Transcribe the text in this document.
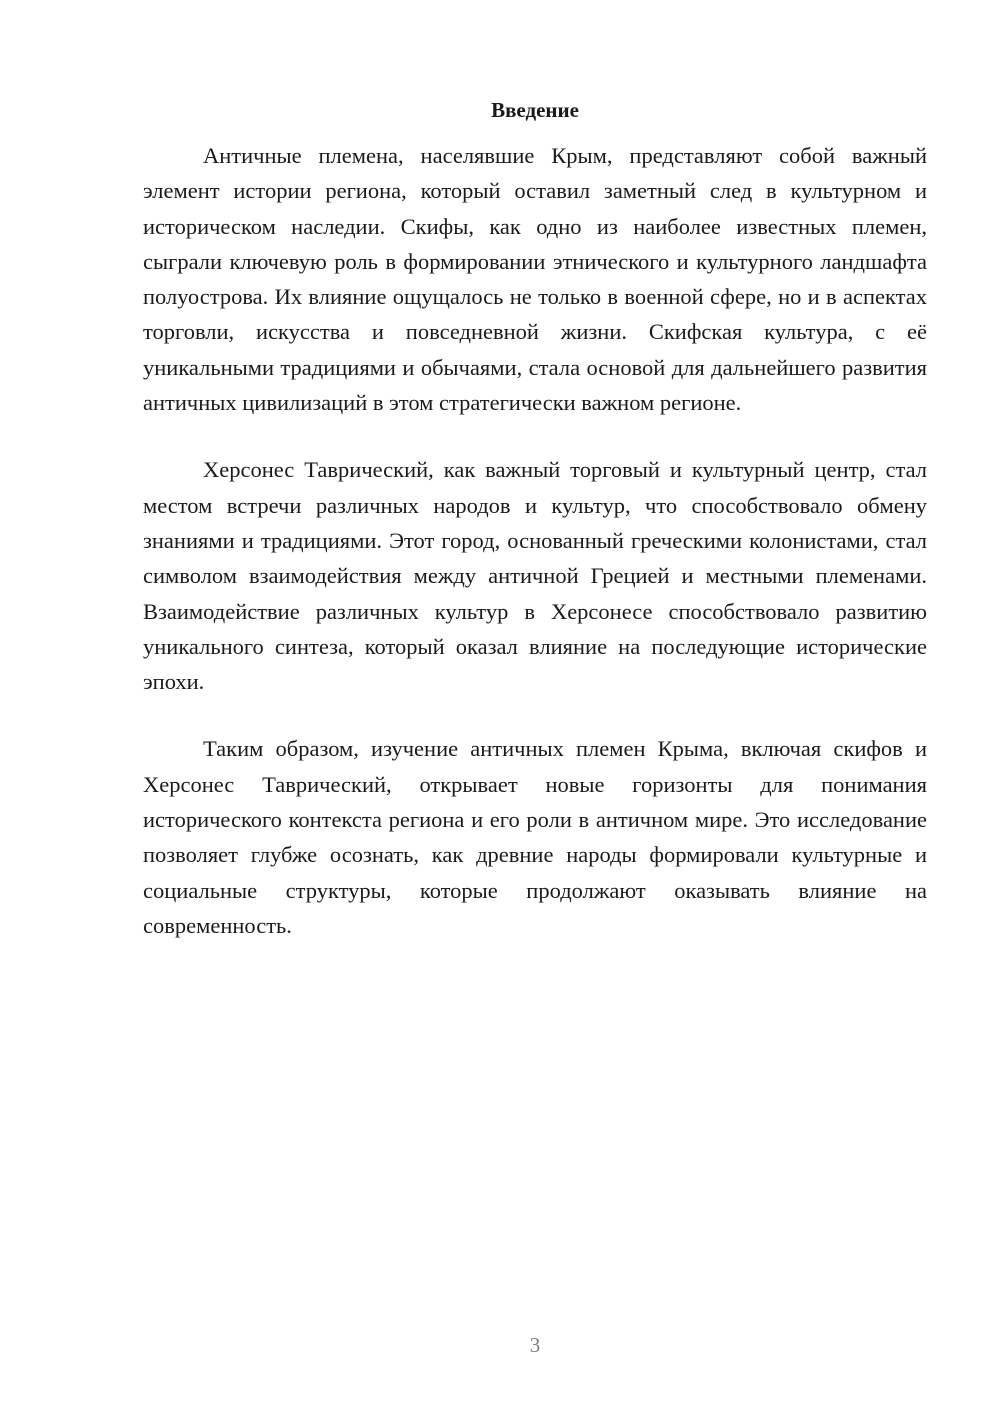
Введение

Античные племена, населявшие Крым, представляют собой важный элемент истории региона, который оставил заметный след в культурном и историческом наследии. Скифы, как одно из наиболее известных племен, сыграли ключевую роль в формировании этнического и культурного ландшафта полуострова. Их влияние ощущалось не только в военной сфере, но и в аспектах торговли, искусства и повседневной жизни. Скифская культура, с её уникальными традициями и обычаями, стала основой для дальнейшего развития античных цивилизаций в этом стратегически важном регионе.

Херсонес Таврический, как важный торговый и культурный центр, стал местом встречи различных народов и культур, что способствовало обмену знаниями и традициями. Этот город, основанный греческими колонистами, стал символом взаимодействия между античной Грецией и местными племенами. Взаимодействие различных культур в Херсонесе способствовало развитию уникального синтеза, который оказал влияние на последующие исторические эпохи.

Таким образом, изучение античных племен Крыма, включая скифов и Херсонес Таврический, открывает новые горизонты для понимания исторического контекста региона и его роли в античном мире. Это исследование позволяет глубже осознать, как древние народы формировали культурные и социальные структуры, которые продолжают оказывать влияние на современность.

3
